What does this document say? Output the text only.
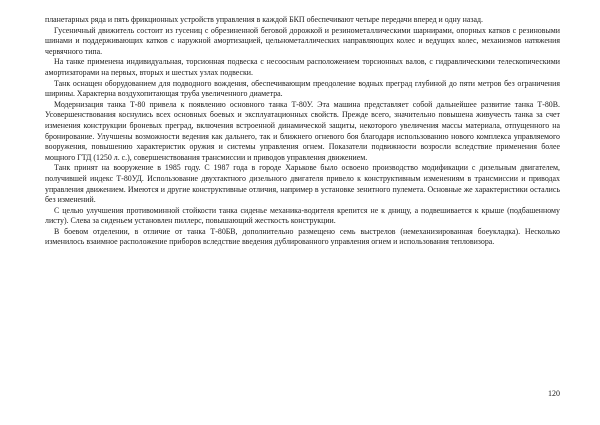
планетарных ряда и пять фрикционных устройств управления в каждой БКП обеспечивают четыре передачи вперед и одну назад.

Гусеничный движитель состоит из гусениц с обрезиненной беговой дорожкой и резинометаллическими шарнирами, опорных катков с резиновыми шинами и поддерживающих катков с наружной амортизацией, цельнометаллических направляющих колес и ведущих колес, механизмов натяжения червячного типа.

На танке применена индивидуальная, торсионная подвеска с несоосным расположением торсионных валов, с гидравлическими телескопическими амортизаторами на первых, вторых и шестых узлах подвески.

Танк оснащен оборудованием для подводного вождения, обеспечивающим преодоление водных преград глубиной до пяти метров без ограничения ширины. Характерна воздухопитающая труба увеличенного диаметра.

Модернизация танка Т-80 привела к появлению основного танка Т-80У. Эта машина представляет собой дальнейшее развитие танка Т-80В. Усовершенствования коснулись всех основных боевых и эксплуатационных свойств. Прежде всего, значительно повышена живучесть танка за счет изменения конструкции броневых преград, включения встроенной динамической защиты, некоторого увеличения массы материала, отпущенного на бронирование. Улучшены возможности ведения как дальнего, так и ближнего огневого боя благодаря использованию нового комплекса управляемого вооружения, повышению характеристик оружия и системы управления огнем. Показатели подвижности возросли вследствие применения более мощного ГТД (1250 л. с.), совершенствования трансмиссии и приводов управления движением.

Танк принят на вооружение в 1985 году. С 1987 года в городе Харькове было освоено производство модификации с дизельным двигателем, получившей индекс Т-80УД. Использование двухтактного дизельного двигателя привело к конструктивным изменениям в трансмиссии и приводах управления движением. Имеются и другие конструктивные отличия, например в установке зенитного пулемета. Основные же характеристики остались без изменений.

С целью улучшения противоминной стойкости танка сиденье механика-водителя крепится не к днищу, а подвешивается к крыше (подбашенному листу). Слева за сиденьем установлен пиллерс, повышающий жесткость конструкции.

В боевом отделении, в отличие от танка Т-80БВ, дополнительно размещено семь выстрелов (немеханизированная боеукладка). Несколько изменилось взаимное расположение приборов вследствие введения дублированного управления огнем и использования тепловизора.

120
